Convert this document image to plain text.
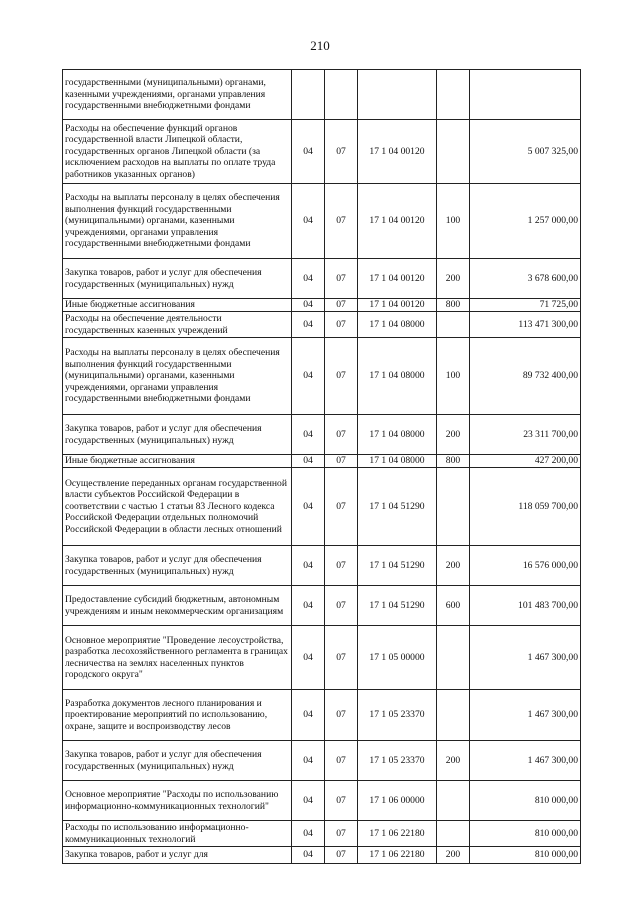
210
государственными (муниципальными) органами, казенными учреждениями, органами управления государственными внебюджетными фондами					
Расходы на обеспечение функций органов государственной власти Липецкой области, государственных органов Липецкой области (за исключением расходов на выплаты по оплате труда работников указанных органов)	04	07	17 1 04 00120		5 007 325,00
Расходы на выплаты персоналу в целях обеспечения выполнения функций государственными (муниципальными) органами, казенными учреждениями, органами управления государственными внебюджетными фондами	04	07	17 1 04 00120	100	1 257 000,00
Закупка товаров, работ и услуг для обеспечения государственных (муниципальных) нужд	04	07	17 1 04 00120	200	3 678 600,00
Иные бюджетные ассигнования	04	07	17 1 04 00120	800	71 725,00
Расходы на обеспечение деятельности государственных казенных учреждений	04	07	17 1 04 08000		113 471 300,00
Расходы на выплаты персоналу в целях обеспечения выполнения функций государственными (муниципальными) органами, казенными учреждениями, органами управления государственными внебюджетными фондами	04	07	17 1 04 08000	100	89 732 400,00
Закупка товаров, работ и услуг для обеспечения государственных (муниципальных) нужд	04	07	17 1 04 08000	200	23 311 700,00
Иные бюджетные ассигнования	04	07	17 1 04 08000	800	427 200,00
Осуществление переданных органам государственной власти субъектов Российской Федерации в соответствии с частью 1 статьи 83 Лесного кодекса Российской Федерации отдельных полномочий Российской Федерации в области лесных отношений	04	07	17 1 04 51290		118 059 700,00
Закупка товаров, работ и услуг для обеспечения государственных (муниципальных) нужд	04	07	17 1 04 51290	200	16 576 000,00
Предоставление субсидий бюджетным, автономным учреждениям и иным некоммерческим организациям	04	07	17 1 04 51290	600	101 483 700,00
Основное мероприятие "Проведение лесоустройства, разработка лесохозяйственного регламента в границах лесничества на землях населенных пунктов городского округа"	04	07	17 1 05 00000		1 467 300,00
Разработка документов лесного планирования и проектирование мероприятий по использованию, охране, защите и воспроизводству лесов	04	07	17 1 05 23370		1 467 300,00
Закупка товаров, работ и услуг для обеспечения государственных (муниципальных) нужд	04	07	17 1 05 23370	200	1 467 300,00
Основное мероприятие "Расходы по использованию информационно-коммуникационных технологий"	04	07	17 1 06 00000		810 000,00
Расходы по использованию информационно-коммуникационных технологий	04	07	17 1 06 22180		810 000,00
Закупка товаров, работ и услуг для	04	07	17 1 06 22180	200	810 000,00
